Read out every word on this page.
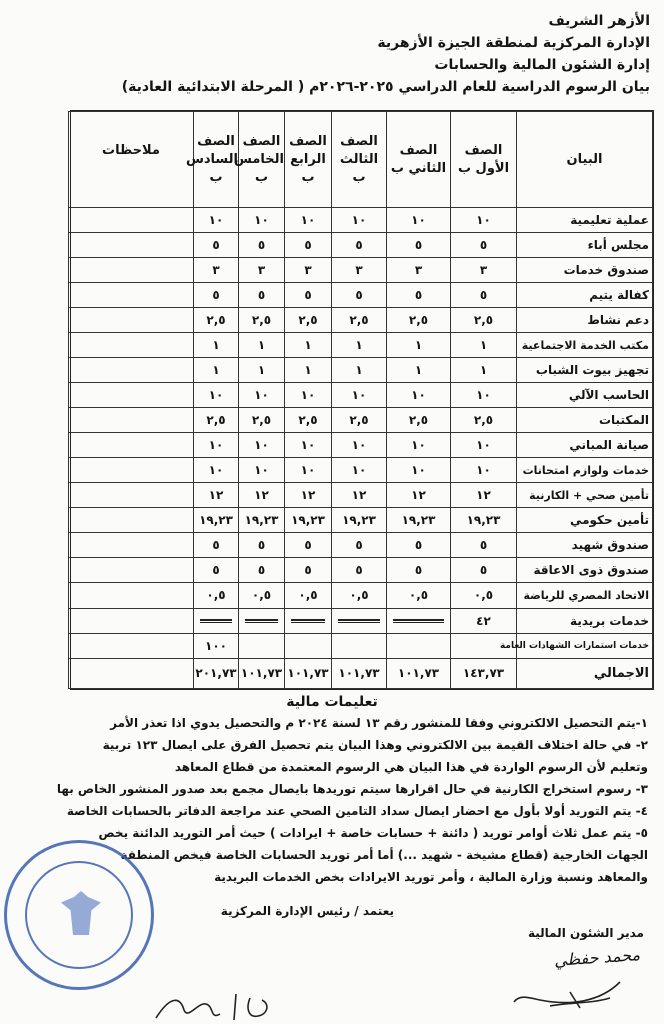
الأزهر الشريف
الإدارة المركزية لمنطقة الجيزة الأزهرية
إدارة الشئون المالية والحسابات
بيان الرسوم الدراسية للعام الدراسي ٢٠٢٥-٢٠٢٦م ( المرحلة الابتدائية العادية)
البيان	الصف الأول ب	الصف الثاني ب	الصف الثالث ب	الصف الرابع ب	الصف الخامس ب	الصف السادس ب	ملاحظات
عملية تعليمية	١٠	١٠	١٠	١٠	١٠	١٠	
مجلس أباء	٥	٥	٥	٥	٥	٥	
صندوق خدمات	٣	٣	٣	٣	٣	٣	
كفالة يتيم	٥	٥	٥	٥	٥	٥	
دعم نشاط	٢,٥	٢,٥	٢,٥	٢,٥	٢,٥	٢,٥	
مكتب الخدمة الاجتماعية	١	١	١	١	١	١	
تجهيز بيوت الشباب	١	١	١	١	١	١	
الحاسب الآلي	١٠	١٠	١٠	١٠	١٠	١٠	
المكتبات	٢,٥	٢,٥	٢,٥	٢,٥	٢,٥	٢,٥	
صيانة المباني	١٠	١٠	١٠	١٠	١٠	١٠	
خدمات ولوازم امتحانات	١٠	١٠	١٠	١٠	١٠	١٠	
تأمين صحي + الكارنية	١٢	١٢	١٢	١٢	١٢	١٢	
تأمين حكومي	١٩,٢٣	١٩,٢٣	١٩,٢٣	١٩,٢٣	١٩,٢٣	١٩,٢٣	
صندوق شهيد	٥	٥	٥	٥	٥	٥	
صندوق ذوى الاعاقة	٥	٥	٥	٥	٥	٥	
الاتحاد المصري للرياضة	٠,٥	٠,٥	٠,٥	٠,٥	٠,٥	٠,٥	
خدمات بريدية	٤٢	

خدمات استمارات الشهادات العامة						١٠٠	
الاجمالي	١٤٣,٧٣	١٠١,٧٣	١٠١,٧٣	١٠١,٧٣	١٠١,٧٣	٢٠١,٧٣	
تعليمات مالية
١-يتم التحصيل الالكتروني وفقا للمنشور رقم ١٣ لسنة ٢٠٢٤ م والتحصيل يدوي اذا تعذر الأمر
٢- في حالة اختلاف القيمة بين الالكتروني وهذا البيان يتم تحصيل الفرق على ايصال ١٢٣ تربية
وتعليم لأن الرسوم الواردة في هذا البيان هي الرسوم المعتمدة من قطاع المعاهد
٣- رسوم استخراج الكارنية في حال اقرارها سيتم توريدها بايصال مجمع بعد صدور المنشور الخاص بها
٤- يتم التوريد أولا بأول مع احضار ايصال سداد التامين الصحي عند مراجعة الدفاتر بالحسابات الخاصة
٥- يتم عمل ثلاث أوامر توريد ( دائنة + حسابات خاصة + ايرادات ) حيث أمر التوريد الدائنة يخص
الجهات الخارجية (قطاع مشيخة - شهيد ...) أما أمر توريد الحسابات الخاصة فيخص المنطقة
والمعاهد ونسبة وزارة المالية ، وأمر توريد الايرادات بخص الخدمات البريدية
مدير الشئون المالية
يعتمد / رئيس الإدارة المركزية
محمد حفظي
